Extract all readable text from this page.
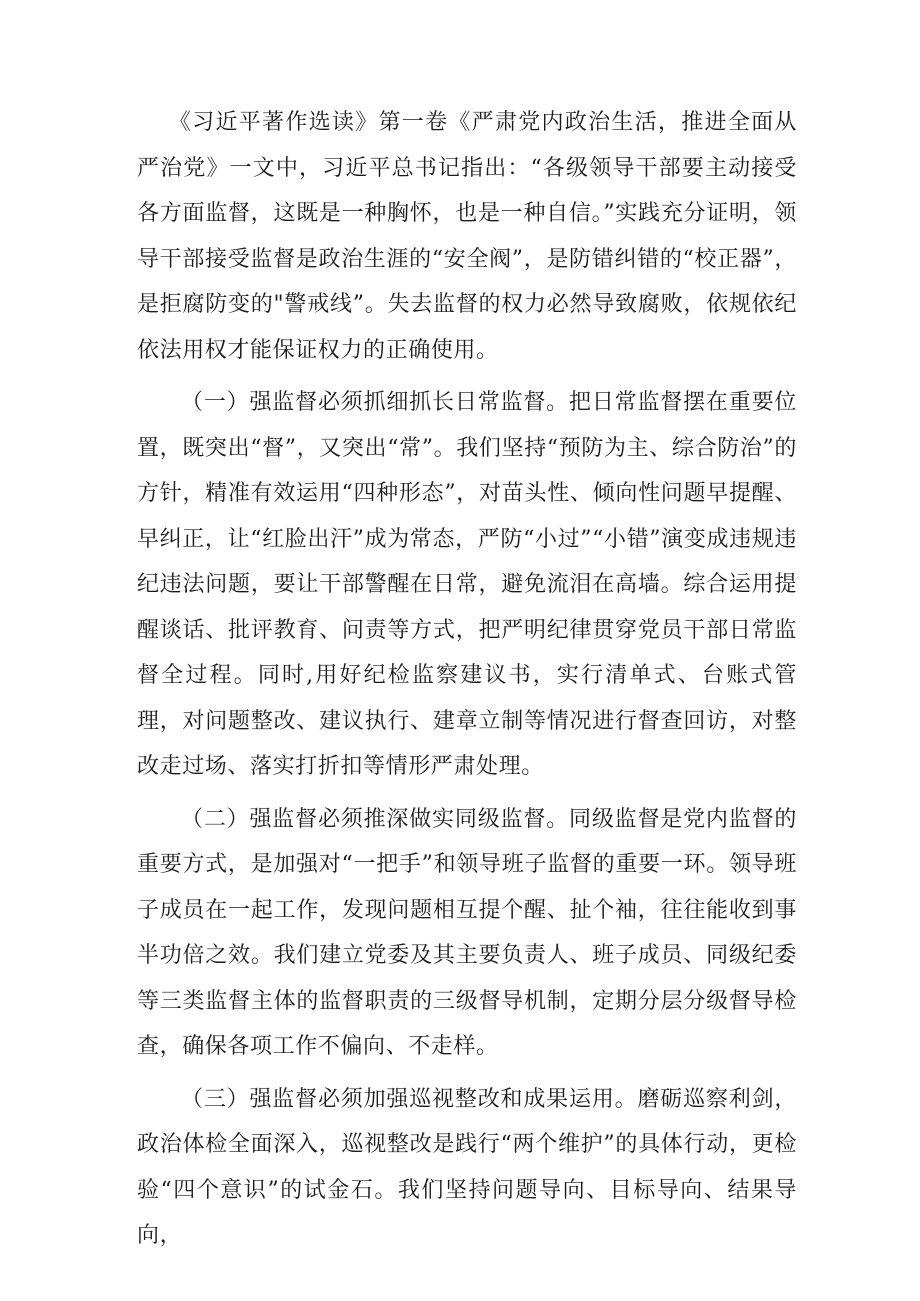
《习近平著作选读》第一卷《严肃党内政治生活，推进全面从严治党》一文中，习近平总书记指出：“各级领导干部要主动接受各方面监督，这既是一种胸怀，也是一种自信。”实践充分证明，领导干部接受监督是政治生涯的“安全阀”，是防错纠错的“校正器”，是拒腐防变的"警戒线”。失去监督的权力必然导致腐败，依规依纪依法用权才能保证权力的正确使用。

（一）强监督必须抓细抓长日常监督。把日常监督摆在重要位置，既突出“督”，又突出“常”。我们坚持“预防为主、综合防治”的方针，精准有效运用“四种形态”，对苗头性、倾向性问题早提醒、早纠正，让“红脸出汗”成为常态，严防“小过”“小错”演变成违规违纪违法问题，要让干部警醒在日常，避免流泪在高墙。综合运用提醒谈话、批评教育、问责等方式，把严明纪律贯穿党员干部日常监督全过程。同时,用好纪检监察建议书，实行清单式、台账式管理，对问题整改、建议执行、建章立制等情况进行督查回访，对整改走过场、落实打折扣等情形严肃处理。

（二）强监督必须推深做实同级监督。同级监督是党内监督的重要方式，是加强对“一把手”和领导班子监督的重要一环。领导班子成员在一起工作，发现问题相互提个醒、扯个袖，往往能收到事半功倍之效。我们建立党委及其主要负责人、班子成员、同级纪委等三类监督主体的监督职责的三级督导机制，定期分层分级督导检查，确保各项工作不偏向、不走样。

（三）强监督必须加强巡视整改和成果运用。磨砺巡察利剑，政治体检全面深入，巡视整改是践行“两个维护”的具体行动，更检验“四个意识”的试金石。我们坚持问题导向、目标导向、结果导向，
